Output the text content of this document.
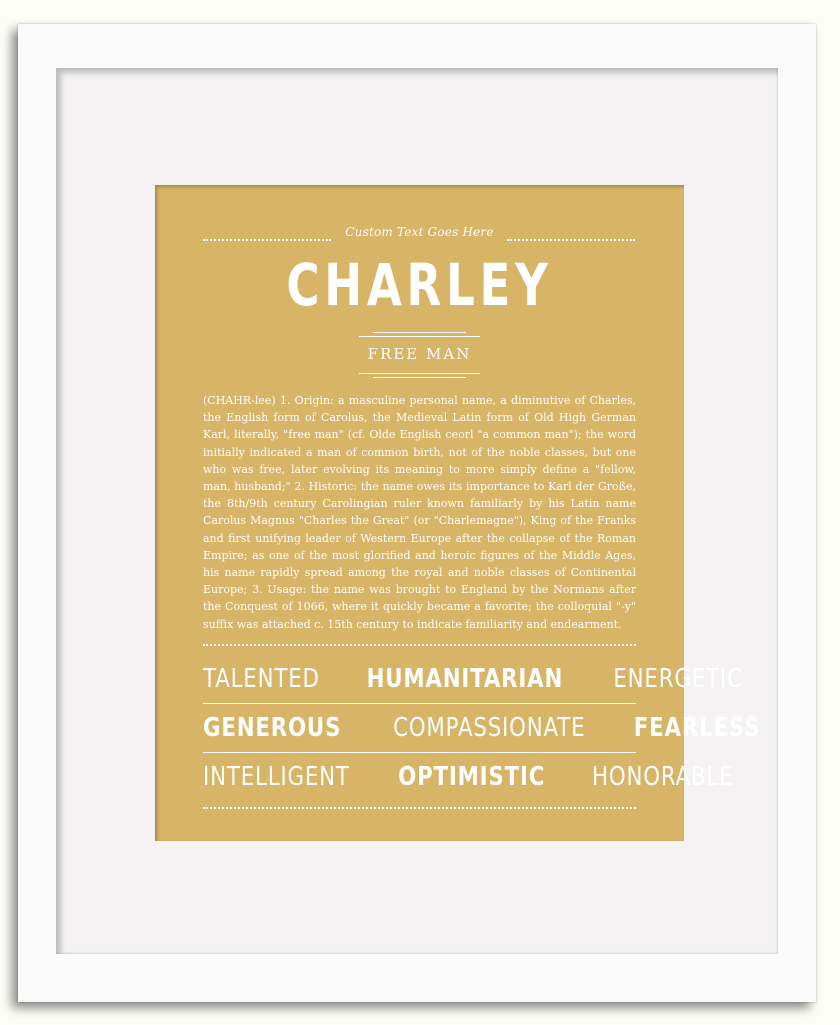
Custom Text Goes Here
CHARLEY
FREE MAN
(CHAHR-lee) 1. Origin: a masculine personal name, a diminutive of Charles,
the English form of Carolus, the Medieval Latin form of Old High German
Karl, literally, "free man" (cf. Olde English ceorl "a common man"); the word
initially indicated a man of common birth, not of the noble classes, but one
who was free, later evolving its meaning to more simply define a "fellow,
man, husband;" 2. Historic: the name owes its importance to Karl der Große,
the 8th/9th century Carolingian ruler known familiarly by his Latin name
Carolus Magnus "Charles the Great" (or "Charlemagne"), King of the Franks
and first unifying leader of Western Europe after the collapse of the Roman
Empire; as one of the most glorified and heroic figures of the Middle Ages,
his name rapidly spread among the royal and noble classes of Continental
Europe; 3. Usage: the name was brought to England by the Normans after
the Conquest of 1066, where it quickly became a favorite; the colloquial "-y"
suffix was attached c. 15th century to indicate familiarity and endearment.
TALENTED HUMANITARIAN ENERGETIC
GENEROUS COMPASSIONATE FEARLESS
INTELLIGENT OPTIMISTIC HONORABLE
